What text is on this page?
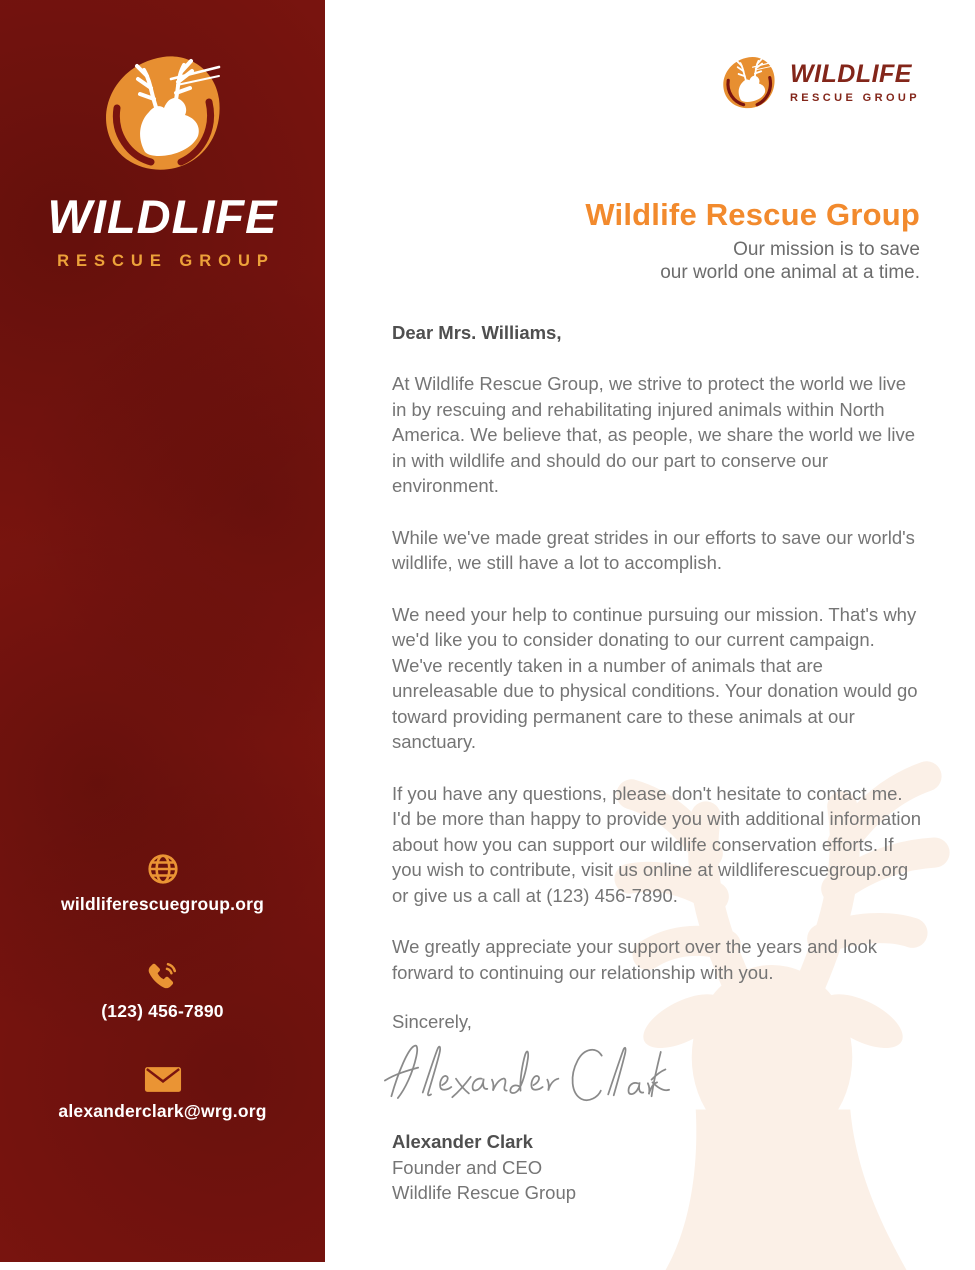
WILDLIFE
RESCUE GROUP
wildliferescuegroup.org
(123) 456-7890
alexanderclark@wrg.org
WILDLIFE
RESCUE GROUP
Wildlife Rescue Group
Our mission is to save
our world one animal at a time.

Dear Mrs. Williams,

At Wildlife Rescue Group, we strive to protect the world we live in by rescuing and rehabilitating injured animals within North America. We believe that, as people, we share the world we live in with wildlife and should do our part to conserve our environment.

While we've made great strides in our efforts to save our world's wildlife, we still have a lot to accomplish.

We need your help to continue pursuing our mission. That's why we'd like you to consider donating to our current campaign. We've recently taken in a number of animals that are unreleasable due to physical conditions. Your donation would go toward providing permanent care to these animals at our sanctuary.

If you have any questions, please don't hesitate to contact me. I'd be more than happy to provide you with additional information about how you can support our wildlife conservation efforts. If you wish to contribute, visit us online at wildliferescuegroup.org or give us a call at (123) 456-7890.

We greatly appreciate your support over the years and look forward to continuing our relationship with you.

Sincerely,

Alexander Clark
Founder and CEO
Wildlife Rescue Group
